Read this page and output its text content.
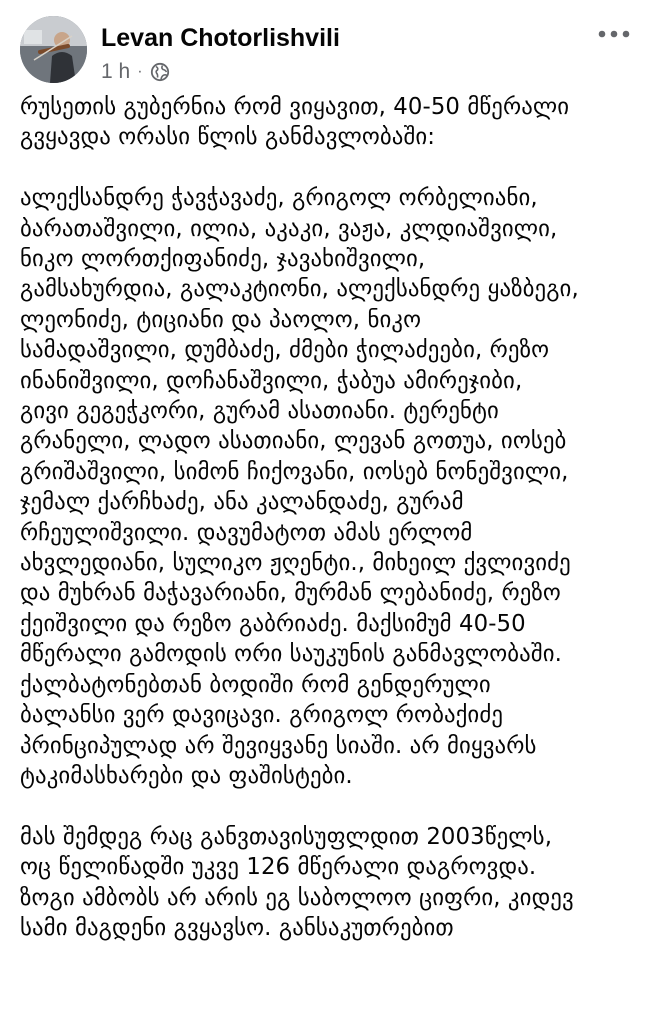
Levan Chotorlishvili
1 h ·

რუსეთის გუბერნია რომ ვიყავით, 40-50 მწერალი

გვყავდა ორასი წლის განმავლობაში:

ალექსანდრე ჭავჭავაძე, გრიგოლ ორბელიანი,

ბარათაშვილი, ილია, აკაკი, ვაჟა, კლდიაშვილი,

ნიკო ლორთქიფანიძე, ჯავახიშვილი,

გამსახურდია, გალაკტიონი, ალექსანდრე ყაზბეგი,

ლეონიძე, ტიციანი და პაოლო, ნიკო

სამადაშვილი, დუმბაძე, ძმები ჭილაძეები, რეზო

ინანიშვილი, დოჩანაშვილი, ჭაბუა ამირეჯიბი,

გივი გეგეჭკორი, გურამ ასათიანი. ტერენტი

გრანელი, ლადო ასათიანი, ლევან გოთუა, იოსებ

გრიშაშვილი, სიმონ ჩიქოვანი, იოსებ ნონეშვილი,

ჯემალ ქარჩხაძე, ანა კალანდაძე, გურამ

რჩეულიშვილი. დავუმატოთ ამას ერლომ

ახვლედიანი, სულიკო ჟღენტი., მიხეილ ქვლივიძე

და მუხრან მაჭავარიანი, მურმან ლებანიძე, რეზო

ქეიშვილი და რეზო გაბრიაძე. მაქსიმუმ 40-50

მწერალი გამოდის ორი საუკუნის განმავლობაში.

ქალბატონებთან ბოდიში რომ გენდერული

ბალანსი ვერ დავიცავი. გრიგოლ რობაქიძე

პრინციპულად არ შევიყვანე სიაში. არ მიყვარს

ტაკიმასხარები და ფაშისტები.

მას შემდეგ რაც განვთავისუფლდით 2003წელს,

ოც წელიწადში უკვე 126 მწერალი დაგროვდა.

ზოგი ამბობს არ არის ეგ საბოლოო ციფრი, კიდევ

სამი მაგდენი გვყავსო. განსაკუთრებით
